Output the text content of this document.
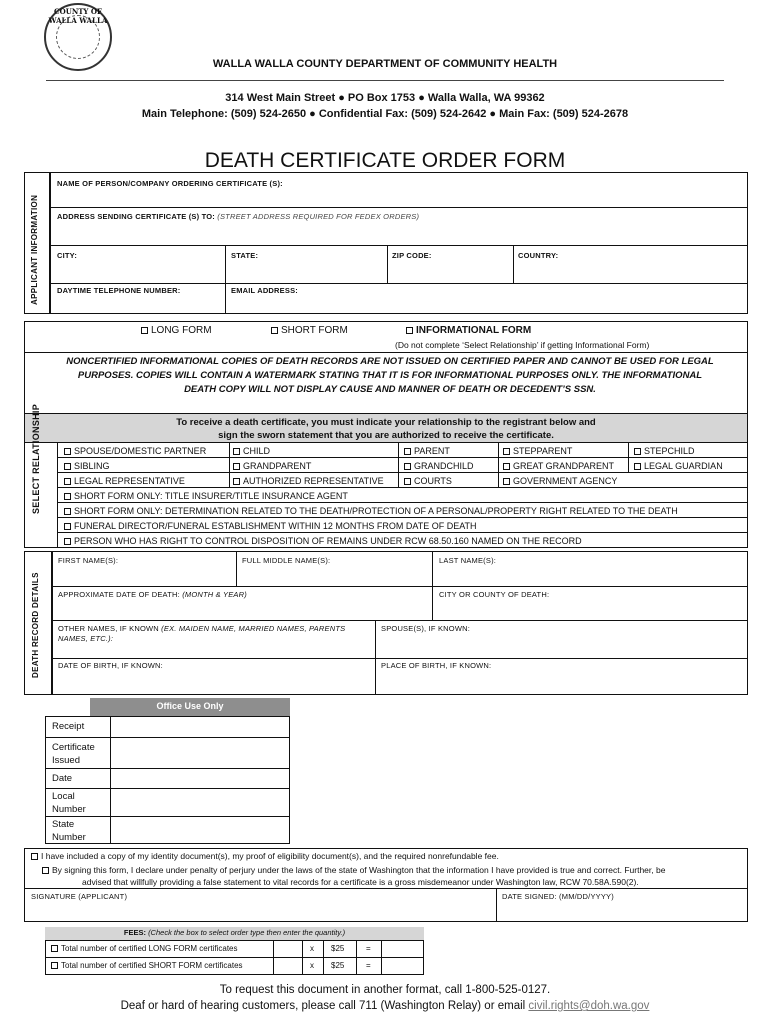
COUNTY OF WALLA WALLA
WALLA WALLA COUNTY DEPARTMENT OF COMMUNITY HEALTH
314 West Main Street ● PO Box 1753 ● Walla Walla, WA 99362
Main Telephone: (509) 524-2650 ● Confidential Fax: (509) 524-2642 ● Main Fax: (509) 524-2678
DEATH CERTIFICATE ORDER FORM
APPLICANT INFORMATION
NAME OF PERSON/COMPANY ORDERING CERTIFICATE (S):
ADDRESS SENDING CERTIFICATE (S) TO: (STREET ADDRESS REQUIRED FOR FEDEX ORDERS)
CITY:	STATE:	ZIP CODE:	COUNTRY:
DAYTIME TELEPHONE NUMBER:	EMAIL ADDRESS:
LONG FORM	SHORT FORM	INFORMATIONAL FORM
(Do not complete ‘Select Relationship’ if getting Informational Form)
NONCERTIFIED INFORMATIONAL COPIES OF DEATH RECORDS ARE NOT ISSUED ON CERTIFIED PAPER AND CANNOT BE USED FOR LEGAL
PURPOSES. COPIES WILL CONTAIN A WATERMARK STATING THAT IT IS FOR INFORMATIONAL PURPOSES ONLY. THE INFORMATIONAL
DEATH COPY WILL NOT DISPLAY CAUSE AND MANNER OF DEATH OR DECEDENT’S SSN.
To receive a death certificate, you must indicate your relationship to the registrant below and
sign the sworn statement that you are authorized to receive the certificate.
SELECT RELATIONSHIP	SPOUSE/DOMESTIC PARTNER	CHILD	PARENT	STEPPARENT	STEPCHILD
SIBLING	GRANDPARENT	GRANDCHILD	GREAT GRANDPARENT	LEGAL GUARDIAN
LEGAL REPRESENTATIVE	AUTHORIZED REPRESENTATIVE	COURTS	GOVERNMENT AGENCY
SHORT FORM ONLY: TITLE INSURER/TITLE INSURANCE AGENT
SHORT FORM ONLY: DETERMINATION RELATED TO THE DEATH/PROTECTION OF A PERSONAL/PROPERTY RIGHT RELATED TO THE DEATH
FUNERAL DIRECTOR/FUNERAL ESTABLISHMENT WITHIN 12 MONTHS FROM DATE OF DEATH
PERSON WHO HAS RIGHT TO CONTROL DISPOSITION OF REMAINS UNDER RCW 68.50.160 NAMED ON THE RECORD
DEATH RECORD DETAILS
FIRST NAME(S):	FULL MIDDLE NAME(S):	LAST NAME(S):
APPROXIMATE DATE OF DEATH: (MONTH & YEAR)	CITY OR COUNTY OF DEATH:
OTHER NAMES, IF KNOWN (EX. MAIDEN NAME, MARRIED NAMES, PARENTS NAMES, ETC.):
SPOUSE(S), IF KNOWN:
DATE OF BIRTH, IF KNOWN:	PLACE OF BIRTH, IF KNOWN:
Office Use Only
Receipt
Certificate Issued
Date
Local Number
State Number
I have included a copy of my identity document(s), my proof of eligibility document(s), and the required nonrefundable fee.
By signing this form, I declare under penalty of perjury under the laws of the state of Washington that the information I have provided is true and correct. Further, be
advised that willfully providing a false statement to vital records for a certificate is a gross misdemeanor under Washington law, RCW 70.58A.590(2).
SIGNATURE (APPLICANT)	DATE SIGNED: (MM/DD/YYYY)
FEES: (Check the box to select order type then enter the quantity.)
Total number of certified LONG FORM certificates	x $25	=
Total number of certified SHORT FORM certificates	x $25	=
To request this document in another format, call 1-800-525-0127.
Deaf or hard of hearing customers, please call 711 (Washington Relay) or email civil.rights@doh.wa.gov
